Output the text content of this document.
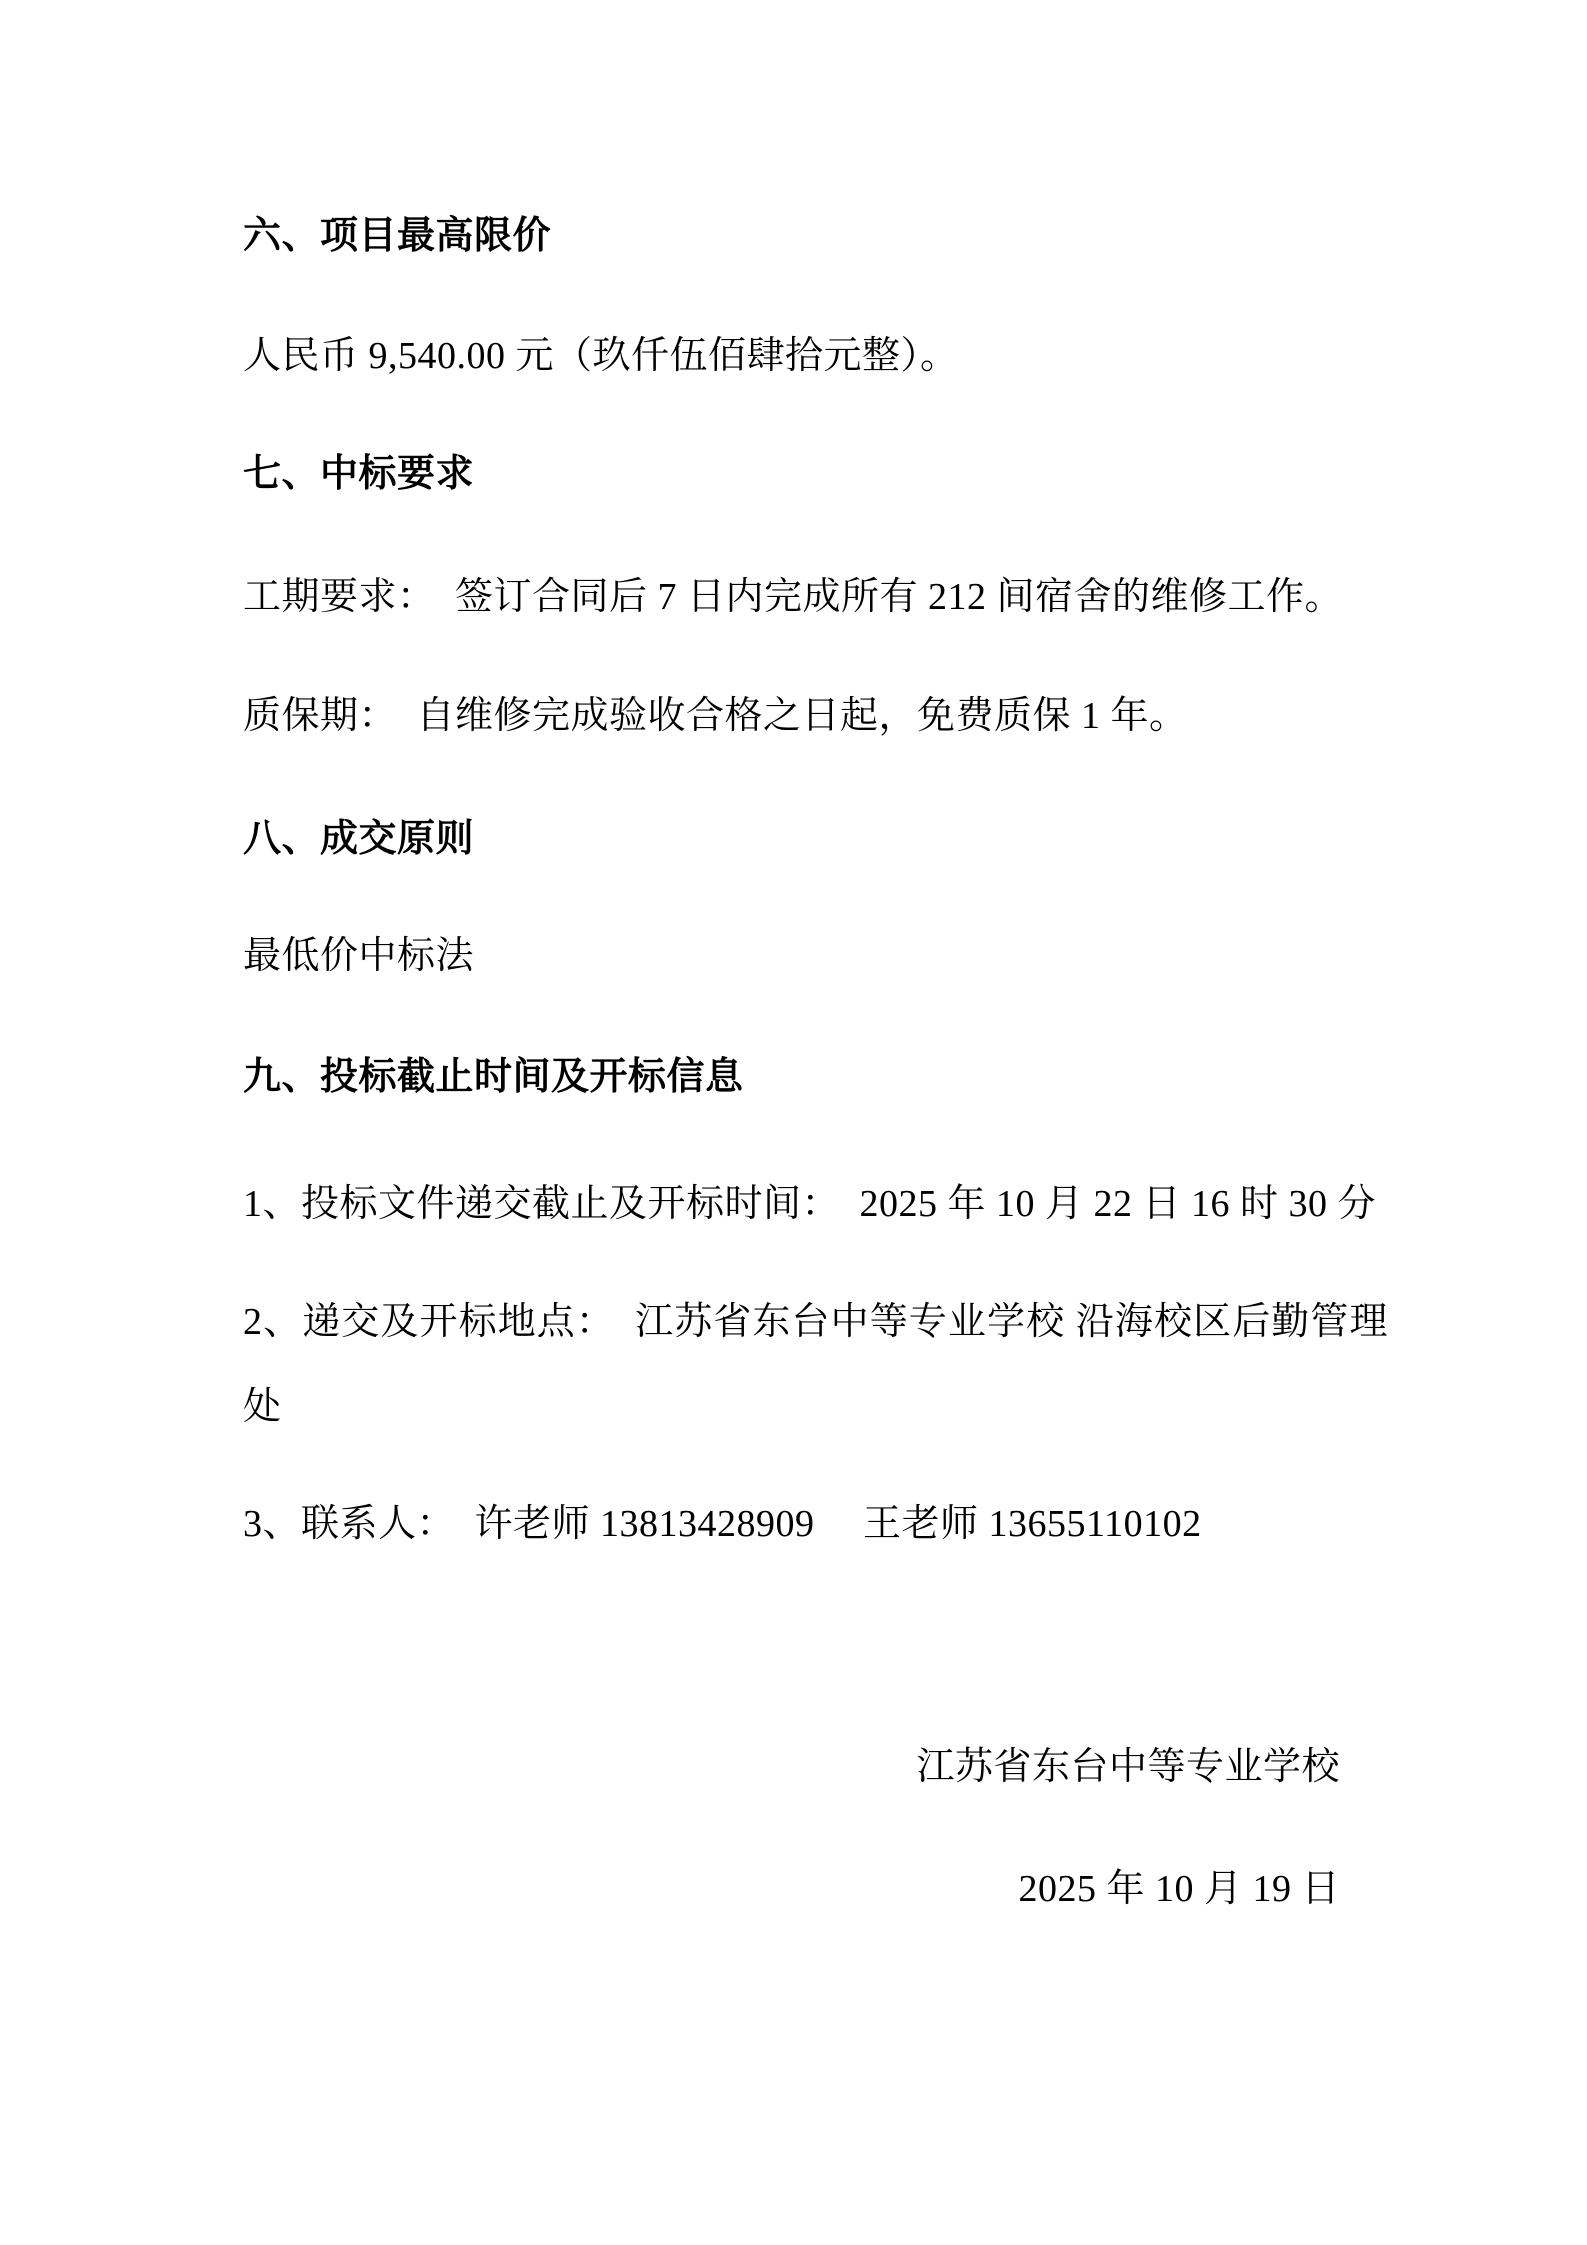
六、项目最高限价

人民币 9,540.00 元（玖仟伍佰肆拾元整）。

七、中标要求

工期要求：　签订合同后 7 日内完成所有 212 间宿舍的维修工作。

质保期：　自维修完成验收合格之日起，免费质保 1 年。

八、成交原则

最低价中标法

九、投标截止时间及开标信息

1、投标文件递交截止及开标时间：　2025 年 10 月 22 日 16 时 30 分

2、递交及开标地点：　江苏省东台中等专业学校 沿海校区后勤管理处

3、联系人：　许老师 13813428909　 王老师 13655110102

江苏省东台中等专业学校

2025 年 10 月 19 日
